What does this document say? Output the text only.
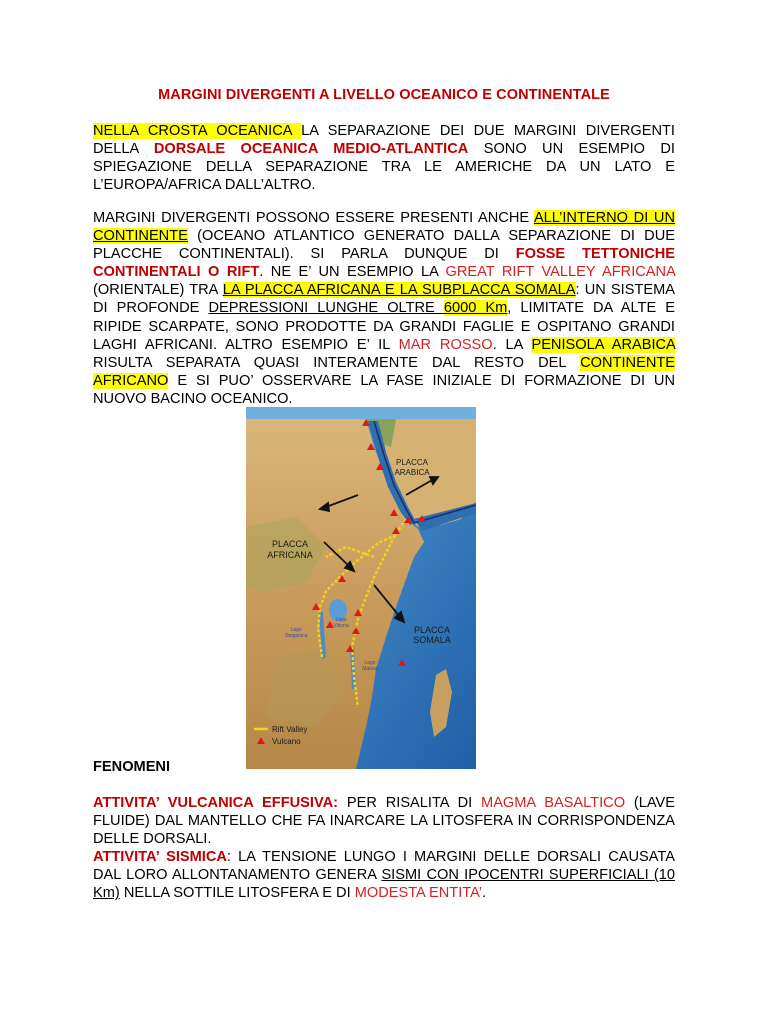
MARGINI DIVERGENTI A LIVELLO OCEANICO E CONTINENTALE
NELLA CROSTA OCEANICA LA SEPARAZIONE DEI DUE MARGINI DIVERGENTI DELLA DORSALE OCEANICA MEDIO-ATLANTICA SONO UN ESEMPIO DI SPIEGAZIONE DELLA SEPARAZIONE TRA LE AMERICHE DA UN LATO E L’EUROPA/AFRICA DALL’ALTRO.
MARGINI DIVERGENTI POSSONO ESSERE PRESENTI ANCHE ALL’INTERNO DI UN CONTINENTE (OCEANO ATLANTICO GENERATO DALLA SEPARAZIONE DI DUE PLACCHE CONTINENTALI). SI PARLA DUNQUE DI FOSSE TETTONICHE CONTINENTALI O RIFT. NE E’ UN ESEMPIO LA GREAT RIFT VALLEY AFRICANA (ORIENTALE) TRA LA PLACCA AFRICANA E LA SUBPLACCA SOMALA: UN SISTEMA DI PROFONDE DEPRESSIONI LUNGHE OLTRE 6000 Km, LIMITATE DA ALTE E RIPIDE SCARPATE, SONO PRODOTTE DA GRANDI FAGLIE E OSPITANO GRANDI LAGHI AFRICANI. ALTRO ESEMPIO E’ IL MAR ROSSO. LA PENISOLA ARABICA RISULTA SEPARATA QUASI INTERAMENTE DAL RESTO DEL CONTINENTE AFRICANO E SI PUO’ OSSERVARE LA FASE INIZIALE DI FORMAZIONE DI UN NUOVO BACINO OCEANICO.
PLACCA
ARABICA
PLACCA
AFRICANA
PLACCA
SOMALA
Lago
Tanganica
Lago
Vittoria
Lago
Malawi
Rift Valley
Vulcano
FENOMENI
ATTIVITA’ VULCANICA EFFUSIVA: PER RISALITA DI MAGMA BASALTICO (LAVE FLUIDE) DAL MANTELLO CHE FA INARCARE LA LITOSFERA IN CORRISPONDENZA DELLE DORSALI.
ATTIVITA’ SISMICA: LA TENSIONE LUNGO I MARGINI DELLE DORSALI CAUSATA DAL LORO ALLONTANAMENTO GENERA SISMI CON IPOCENTRI SUPERFICIALI (10 Km) NELLA SOTTILE LITOSFERA E DI MODESTA ENTITA’.
